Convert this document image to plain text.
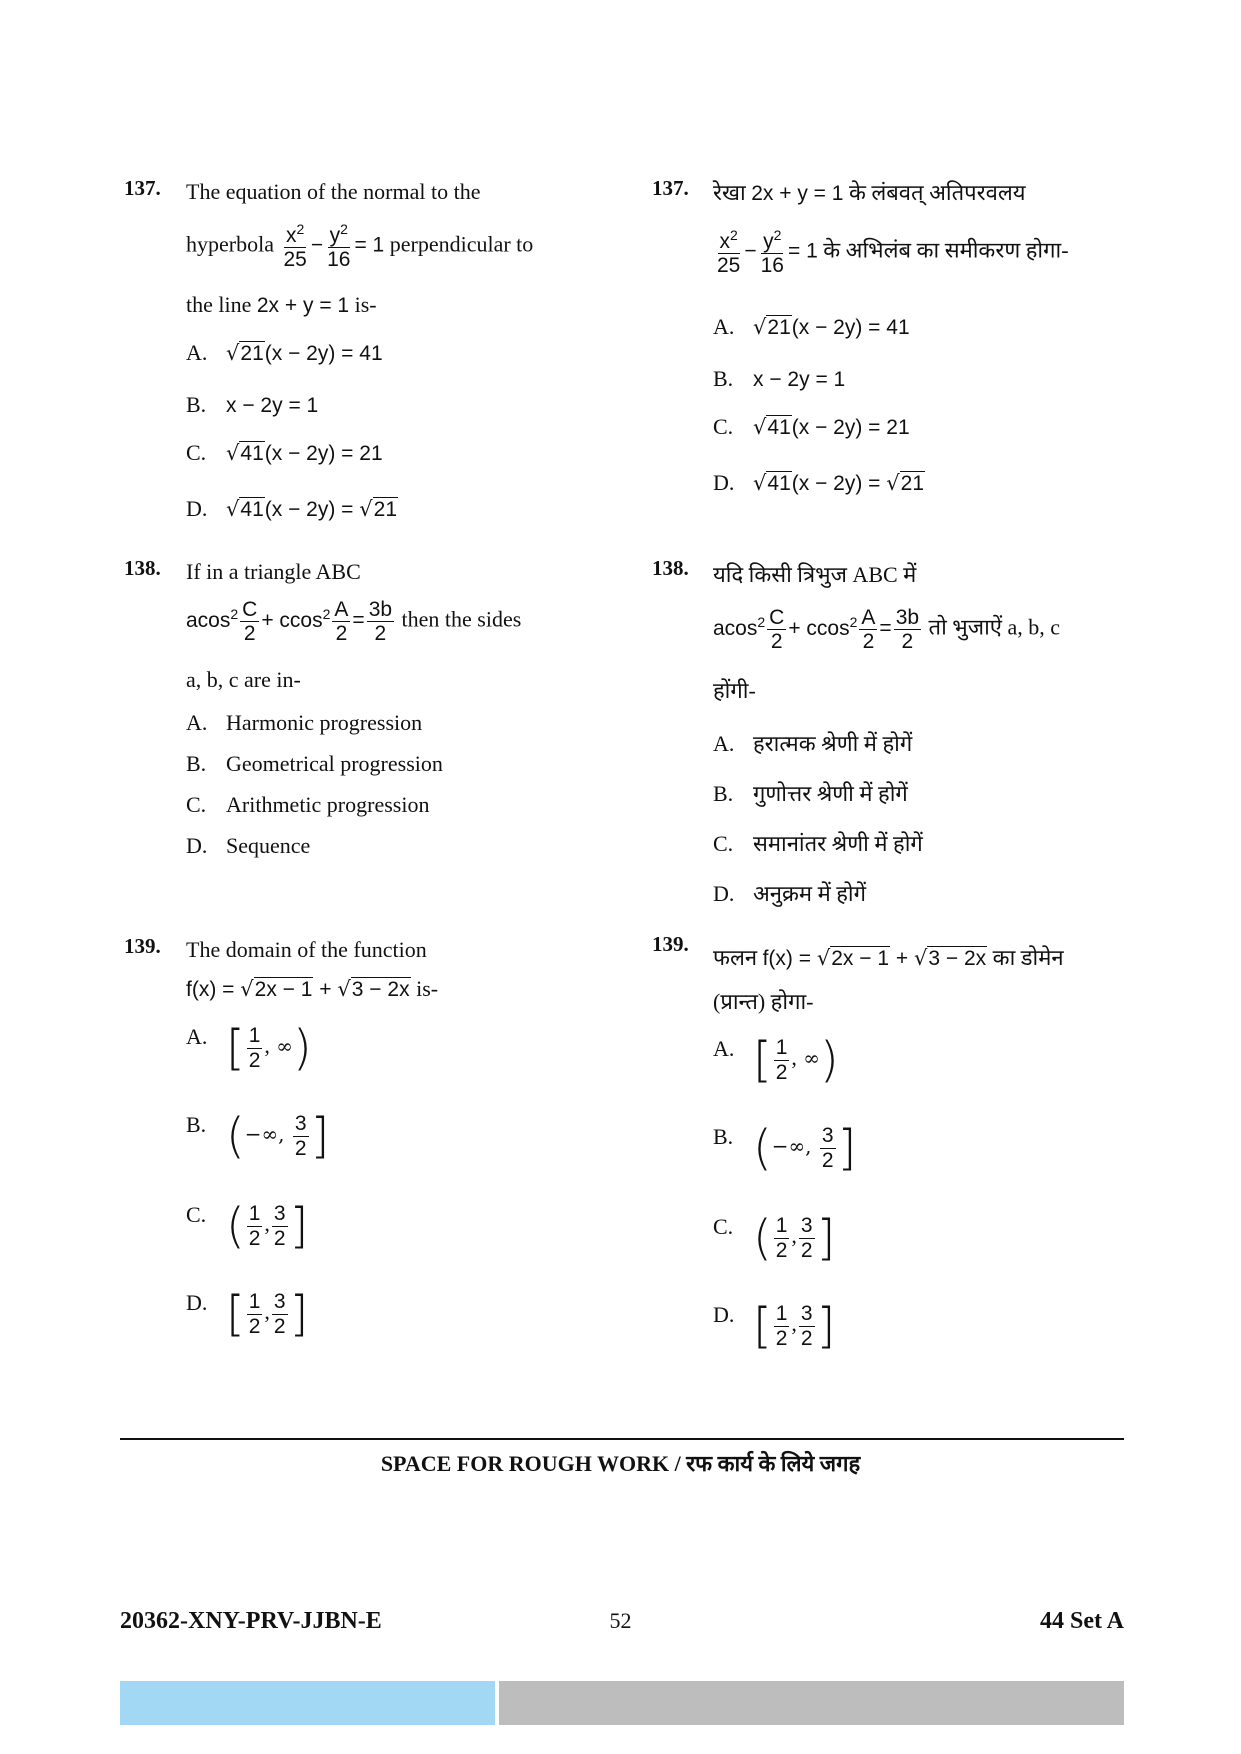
137. The equation of the normal to the
hyperbola $\frac{x^2}{25} - \frac{y^2}{16} = 1$ perpendicular to
the line 2x + y = 1 is-
A. √21(x − 2y) = 41
B. x − 2y = 1
C. √41(x − 2y) = 21
D. √41(x − 2y) = √21
138. If in a triangle ABC
$acos^2 \frac{C}{2} + ccos^2 \frac{A}{2} = \frac{3b}{2}$ then the sides
a, b, c are in-
A. Harmonic progression
B. Geometrical progression
C. Arithmetic progression
D. Sequence
139. The domain of the function
f(x) = √2x − 1 + √3 − 2x is-
A. [ $\frac{1}{2}$ , ∞)
B. (−∞, $\frac{3}{2}$ ]
C. ( $\frac{1}{2}$ , $\frac{3}{2}$ ]
D. [ $\frac{1}{2}$ , $\frac{3}{2}$ ]
137. रेखा 2x + y = 1 के लंबवत् अतिपरवलय
$\frac{x^2}{25} - \frac{y^2}{16} = 1$ के अभिलंब का समीकरण होगा-
A. √21(x − 2y) = 41
B. x − 2y = 1
C. √41(x − 2y) = 21
D. √41(x − 2y) = √21
138. यदि किसी त्रिभुज ABC में
$acos^2 \frac{C}{2} + ccos^2 \frac{A}{2} = \frac{3b}{2}$ तो भुजाऐं a, b, c
होंगी-
A. हरात्मक श्रेणी में होगें
B. गुणोत्तर श्रेणी में होगें
C. समानांतर श्रेणी में होगें
D. अनुक्रम में होगें
139.
फलन f(x) = √2x − 1 + √3 − 2x का डोमेन
(प्रान्त) होगा-
A. [ $\frac{1}{2}$ , ∞)
B. (−∞, $\frac{3}{2}$ ]
C. ( $\frac{1}{2}$ , $\frac{3}{2}$ ]
D. [ $\frac{1}{2}$ , $\frac{3}{2}$ ]
SPACE FOR ROUGH WORK / रफ कार्य के लिये जगह
20362-XNY-PRV-JJBN-E	52	44 Set A
